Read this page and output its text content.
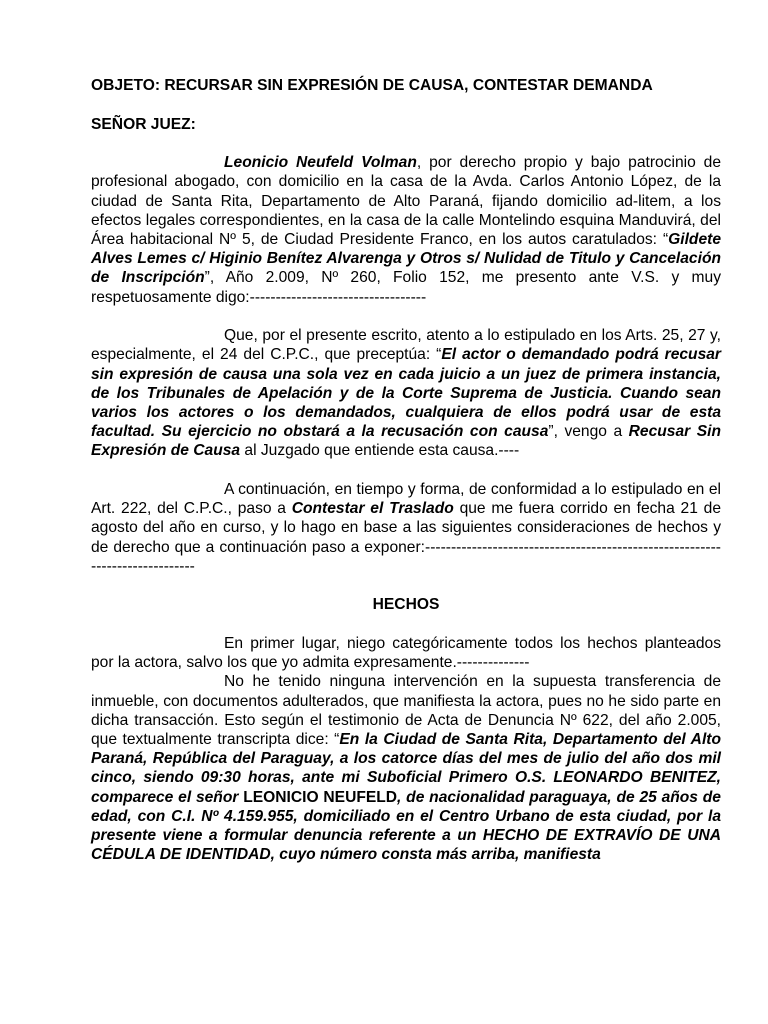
OBJETO: RECURSAR SIN EXPRESIÓN DE CAUSA, CONTESTAR DEMANDA

SEÑOR JUEZ:

Leonicio Neufeld Volman, por derecho propio y bajo patrocinio de profesional abogado, con domicilio en la casa de la Avda. Carlos Antonio López, de la ciudad de Santa Rita, Departamento de Alto Paraná, fijando domicilio ad-litem, a los efectos legales correspondientes, en la casa de la calle Montelindo esquina Manduvirá, del Área habitacional Nº 5, de Ciudad Presidente Franco, en los autos caratulados: “Gildete Alves Lemes c/ Higinio Benítez Alvarenga y Otros s/ Nulidad de Titulo y Cancelación de Inscripción”, Año 2.009, Nº 260, Folio 152, me presento ante V.S. y muy respetuosamente digo:----------------------------------

Que, por el presente escrito, atento a lo estipulado en los Arts. 25, 27 y, especialmente, el 24 del C.P.C., que preceptúa: “El actor o demandado podrá recusar sin expresión de causa una sola vez en cada juicio a un juez de primera instancia, de los Tribunales de Apelación y de la Corte Suprema de Justicia. Cuando sean varios los actores o los demandados, cualquiera de ellos podrá usar de esta facultad. Su ejercicio no obstará a la recusación con causa”, vengo a Recusar Sin Expresión de Causa al Juzgado que entiende esta causa.----

A continuación, en tiempo y forma, de conformidad a lo estipulado en el Art. 222, del C.P.C., paso a Contestar el Traslado que me fuera corrido en fecha 21 de agosto del año en curso, y lo hago en base a las siguientes consideraciones de hechos y de derecho que a continuación paso a exponer:-----------------------------------------------------------------------------

HECHOS

En primer lugar, niego categóricamente todos los hechos planteados por la actora, salvo los que yo admita expresamente.--------------

No he tenido ninguna intervención en la supuesta transferencia de inmueble, con documentos adulterados, que manifiesta la actora, pues no he sido parte en dicha transacción. Esto según el testimonio de Acta de Denuncia Nº 622, del año 2.005, que textualmente transcripta dice: “En la Ciudad de Santa Rita, Departamento del Alto Paraná, República del Paraguay, a los catorce días del mes de julio del año dos mil cinco, siendo 09:30 horas, ante mi Suboficial Primero O.S. LEONARDO BENITEZ, comparece el señor LEONICIO NEUFELD, de nacionalidad paraguaya, de 25 años de edad, con C.I. Nº 4.159.955, domiciliado en el Centro Urbano de esta ciudad, por la presente viene a formular denuncia referente a un HECHO DE EXTRAVÍO DE UNA CÉDULA DE IDENTIDAD, cuyo número consta más arriba, manifiesta
